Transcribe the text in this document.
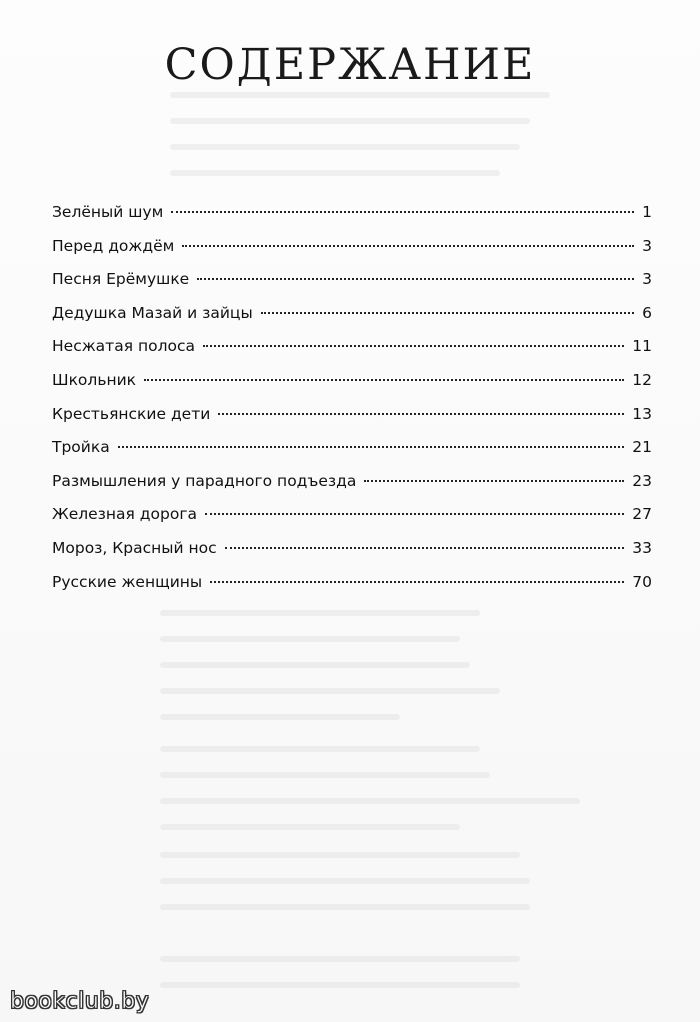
СОДЕРЖАНИЕ
Зелёный шум	1
Перед дождём	3
Песня Ерёмушке	3
Дедушка Мазай и зайцы	6
Несжатая полоса	11
Школьник	12
Крестьянские дети	13
Тройка	21
Размышления у парадного подъезда	23
Железная дорога	27
Мороз, Красный нос	33
Русские женщины	70
bookclub.by
